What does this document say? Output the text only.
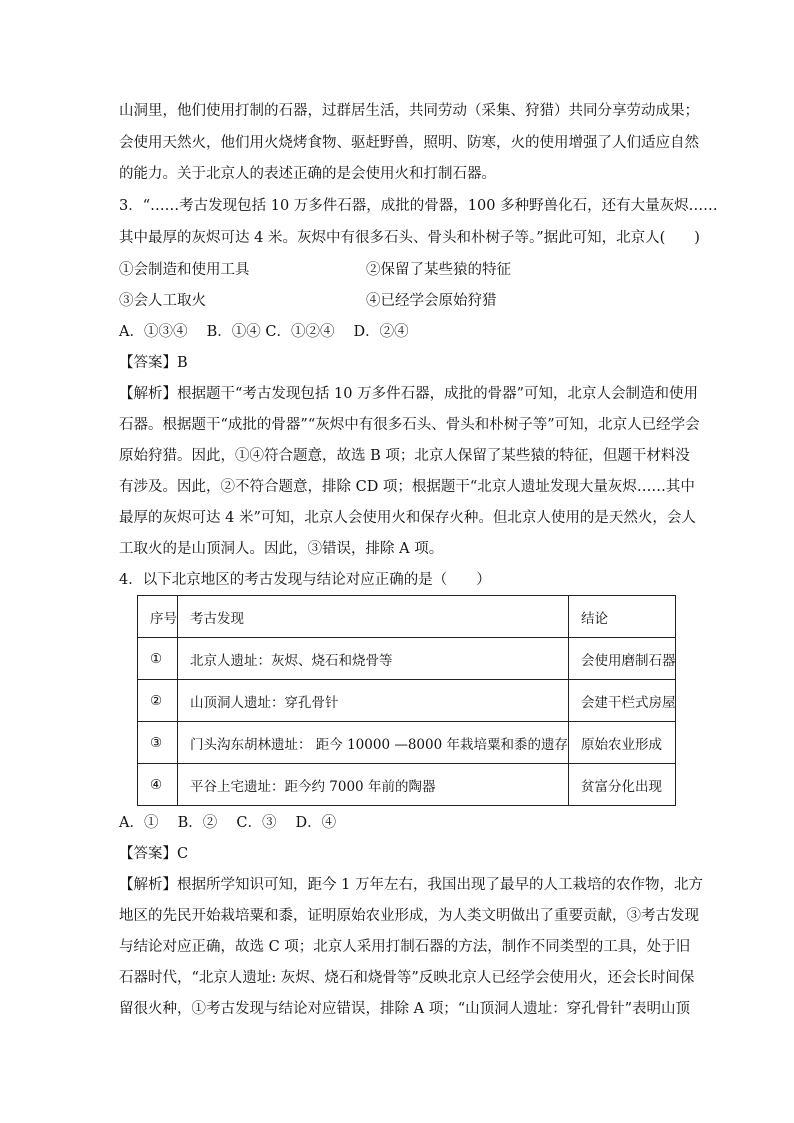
山洞里，他们使用打制的石器，过群居生活，共同劳动（采集、狩猎）共同分享劳动成果；
会使用天然火，他们用火烧烤食物、驱赶野兽，照明、防寒，火的使用增强了人们适应自然
的能力。关于北京人的表述正确的是会使用火和打制石器。
3．“……考古发现包括 10 万多件石器，成批的骨器，100 多种野兽化石，还有大量灰烬……
其中最厚的灰烬可达 4 米。灰烬中有很多石头、骨头和朴树子等。”据此可知，北京人(　　)
①会制造和使用工具	②保留了某些猿的特征
③会人工取火	④已经学会原始狩猎
A．①③④　 B．①④ C．①②④　 D．②④
【答案】B
【解析】根据题干“考古发现包括 10 万多件石器，成批的骨器”可知，北京人会制造和使用
石器。根据题干“成批的骨器”“灰烬中有很多石头、骨头和朴树子等”可知，北京人已经学会
原始狩猎。因此，①④符合题意，故选 B 项；北京人保留了某些猿的特征，但题干材料没
有涉及。因此，②不符合题意，排除 CD 项；根据题干“北京人遗址发现大量灰烬……其中
最厚的灰烬可达 4 米”可知，北京人会使用火和保存火种。但北京人使用的是天然火，会人
工取火的是山顶洞人。因此，③错误，排除 A 项。
4．以下北京地区的考古发现与结论对应正确的是（　　）
序号	考古发现	结论
①	北京人遗址：灰烬、烧石和烧骨等	会使用磨制石器
②	山顶洞人遗址：穿孔骨针	会建干栏式房屋
③	门头沟东胡林遗址： 距今 10000 —8000 年栽培粟和黍的遗存	原始农业形成
④	平谷上宅遗址：距今约 7000 年前的陶器	贫富分化出现
A．①　 B．②　 C．③　 D．④
【答案】C
【解析】根据所学知识可知，距今 1 万年左右，我国出现了最早的人工栽培的农作物，北方
地区的先民开始栽培粟和黍，证明原始农业形成，为人类文明做出了重要贡献，③考古发现
与结论对应正确，故选 C 项；北京人采用打制石器的方法，制作不同类型的工具，处于旧
石器时代，“北京人遗址: 灰烬、烧石和烧骨等”反映北京人已经学会使用火，还会长时间保
留很火种，①考古发现与结论对应错误，排除 A 项；“山顶洞人遗址：穿孔骨针”表明山顶
